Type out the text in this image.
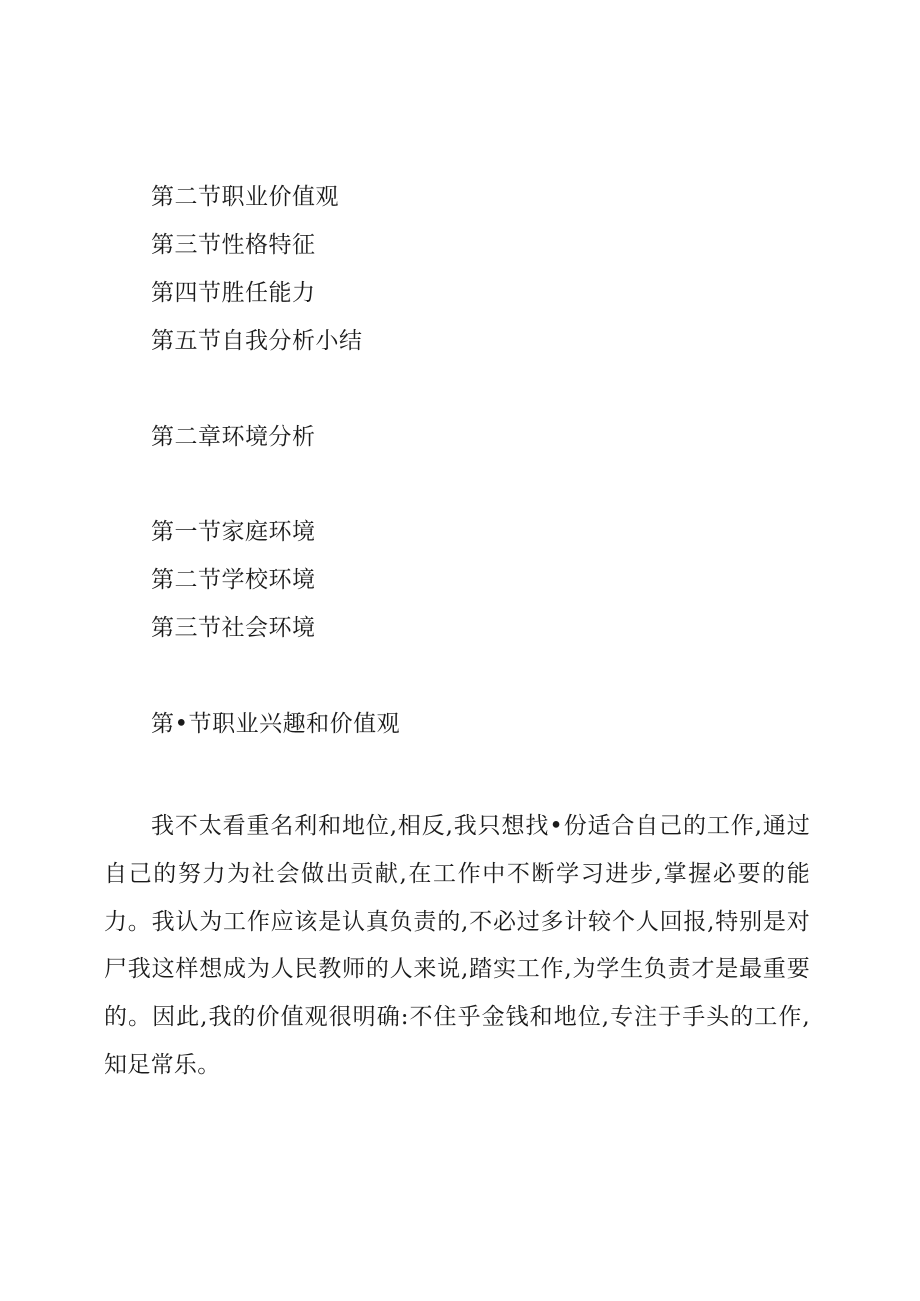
第二节职业价值观
第三节性格特征
第四节胜任能力
第五节自我分析小结
第二章环境分析
第一节家庭环境
第二节学校环境
第三节社会环境
第•节职业兴趣和价值观

我不太看重名利和地位,相反,我只想找•份适合自己的工作,通过自己的努力为社会做出贡献,在工作中不断学习进步,掌握必要的能力。我认为工作应该是认真负责的,不必过多计较个人回报,特别是对尸我这样想成为人民教师的人来说,踏实工作,为学生负责才是最重要的。因此,我的价值观很明确:不住乎金钱和地位,专注于手头的工作,知足常乐。
